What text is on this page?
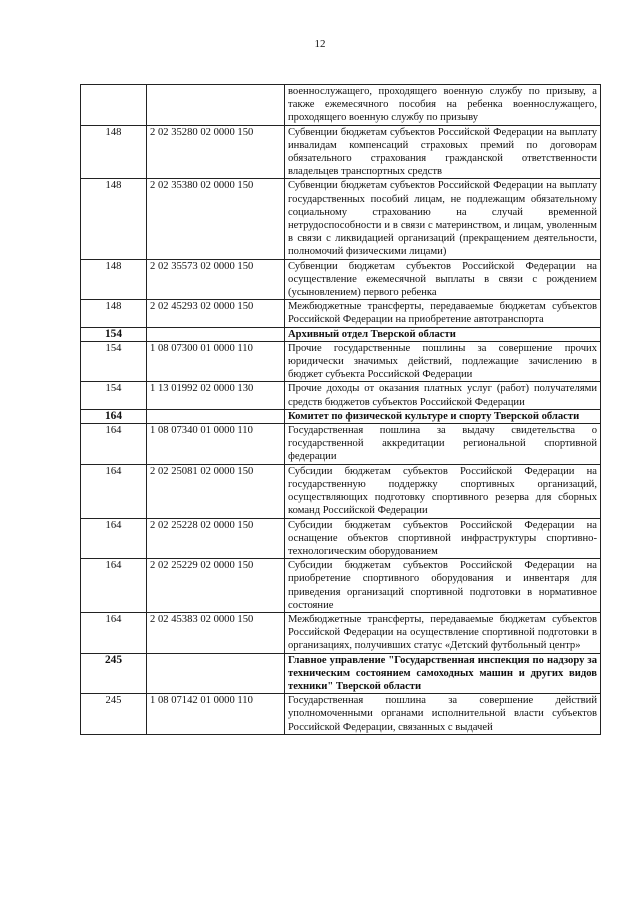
12
		военнослужащего, проходящего военную службу по призыву, а также ежемесячного пособия на ребенка военнослужащего, проходящего военную службу по призыву
148	2 02 35280 02 0000 150	Субвенции бюджетам субъектов Российской Федерации на выплату инвалидам компенсаций страховых премий по договорам обязательного страхования гражданской ответственности владельцев транспортных средств
148	2 02 35380 02 0000 150	Субвенции бюджетам субъектов Российской Федерации на выплату государственных пособий лицам, не подлежащим обязательному социальному страхованию на случай временной нетрудоспособности и в связи с материнством, и лицам, уволенным в связи с ликвидацией организаций (прекращением деятельности, полномочий физическими лицами)
148	2 02 35573 02 0000 150	Субвенции бюджетам субъектов Российской Федерации на осуществление ежемесячной выплаты в связи с рождением (усыновлением) первого ребенка
148	2 02 45293 02 0000 150	Межбюджетные трансферты, передаваемые бюджетам субъектов Российской Федерации на приобретение автотранспорта
154		Архивный отдел Тверской области
154	1 08 07300 01 0000 110	Прочие государственные пошлины за совершение прочих юридически значимых действий, подлежащие зачислению в бюджет субъекта Российской Федерации
154	1 13 01992 02 0000 130	Прочие доходы от оказания платных услуг (работ) получателями средств бюджетов субъектов Российской Федерации
164		Комитет по физической культуре и спорту Тверской области
164	1 08 07340 01 0000 110	Государственная пошлина за выдачу свидетельства о государственной аккредитации региональной спортивной федерации
164	2 02 25081 02 0000 150	Субсидии бюджетам субъектов Российской Федерации на государственную поддержку спортивных организаций, осуществляющих подготовку спортивного резерва для сборных команд Российской Федерации
164	2 02 25228 02 0000 150	Субсидии бюджетам субъектов Российской Федерации на оснащение объектов спортивной инфраструктуры спортивно-технологическим оборудованием
164	2 02 25229 02 0000 150	Субсидии бюджетам субъектов Российской Федерации на приобретение спортивного оборудования и инвентаря для приведения организаций спортивной подготовки в нормативное состояние
164	2 02 45383 02 0000 150	Межбюджетные трансферты, передаваемые бюджетам субъектов Российской Федерации на осуществление спортивной подготовки в организациях, получивших статус «Детский футбольный центр»
245		Главное управление "Государственная инспекция по надзору за техническим состоянием самоходных машин и других видов техники" Тверской области
245	1 08 07142 01 0000 110	Государственная пошлина за совершение действий уполномоченными органами исполнительной власти субъектов Российской Федерации, связанных с выдачей
